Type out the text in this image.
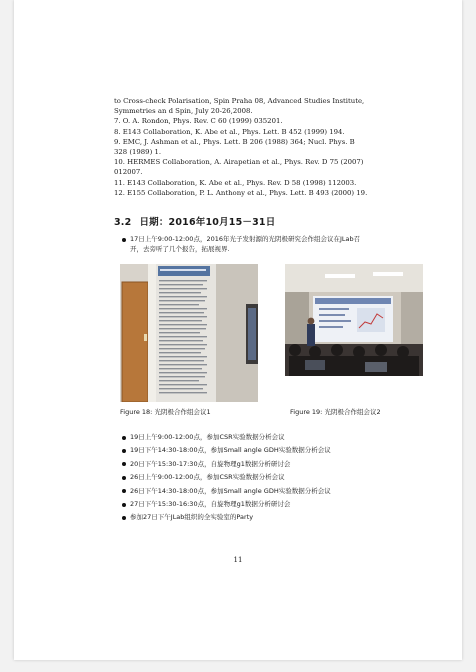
to Cross-check Polarisation, Spin Praha 08, Advanced Studies Institute,
Symmetries an d Spin, July 20-26,2008.
7. O. A. Rondon, Phys. Rev. C 60 (1999) 035201.
8. E143 Collaboration, K. Abe et al., Phys. Lett. B 452 (1999) 194.
9. EMC, J. Ashman et al., Phys. Lett. B 206 (1988) 364; Nucl. Phys. B
328 (1989) 1.
10. HERMES Collaboration, A. Airapetian et al., Phys. Rev. D 75 (2007)
012007.
11. E143 Collaboration, K. Abe et al., Phys. Rev. D 58 (1998) 112003.
12. E155 Collaboration, P. L. Anthony et al., Phys. Lett. B 493 (2000) 19.
3.2 日期：2016年10月15－31日
17日上午9:00-12:00点，2016年光子发射源的光阴极研究会作组会议在JLab召
开，去旁听了几个报告，拓展视界.
Figure 18: 光阴极合作组会议1	Figure 19: 光阴极合作组会议2
19日上午9:00-12:00点，参加CSR实验数据分析会议
19日下午14:30-18:00点，参加Small angle GDH实验数据分析会议
20日下午15:30-17:30点，自旋物理g1数据分析研讨会
26日上午9:00-12:00点，参加CSR实验数据分析会议
26日下午14:30-18:00点，参加Small angle GDH实验数据分析会议
27日下午15:30-16:30点，自旋物理g1数据分析研讨会
参加27日下午JLab组织的全实验室的Party
11
